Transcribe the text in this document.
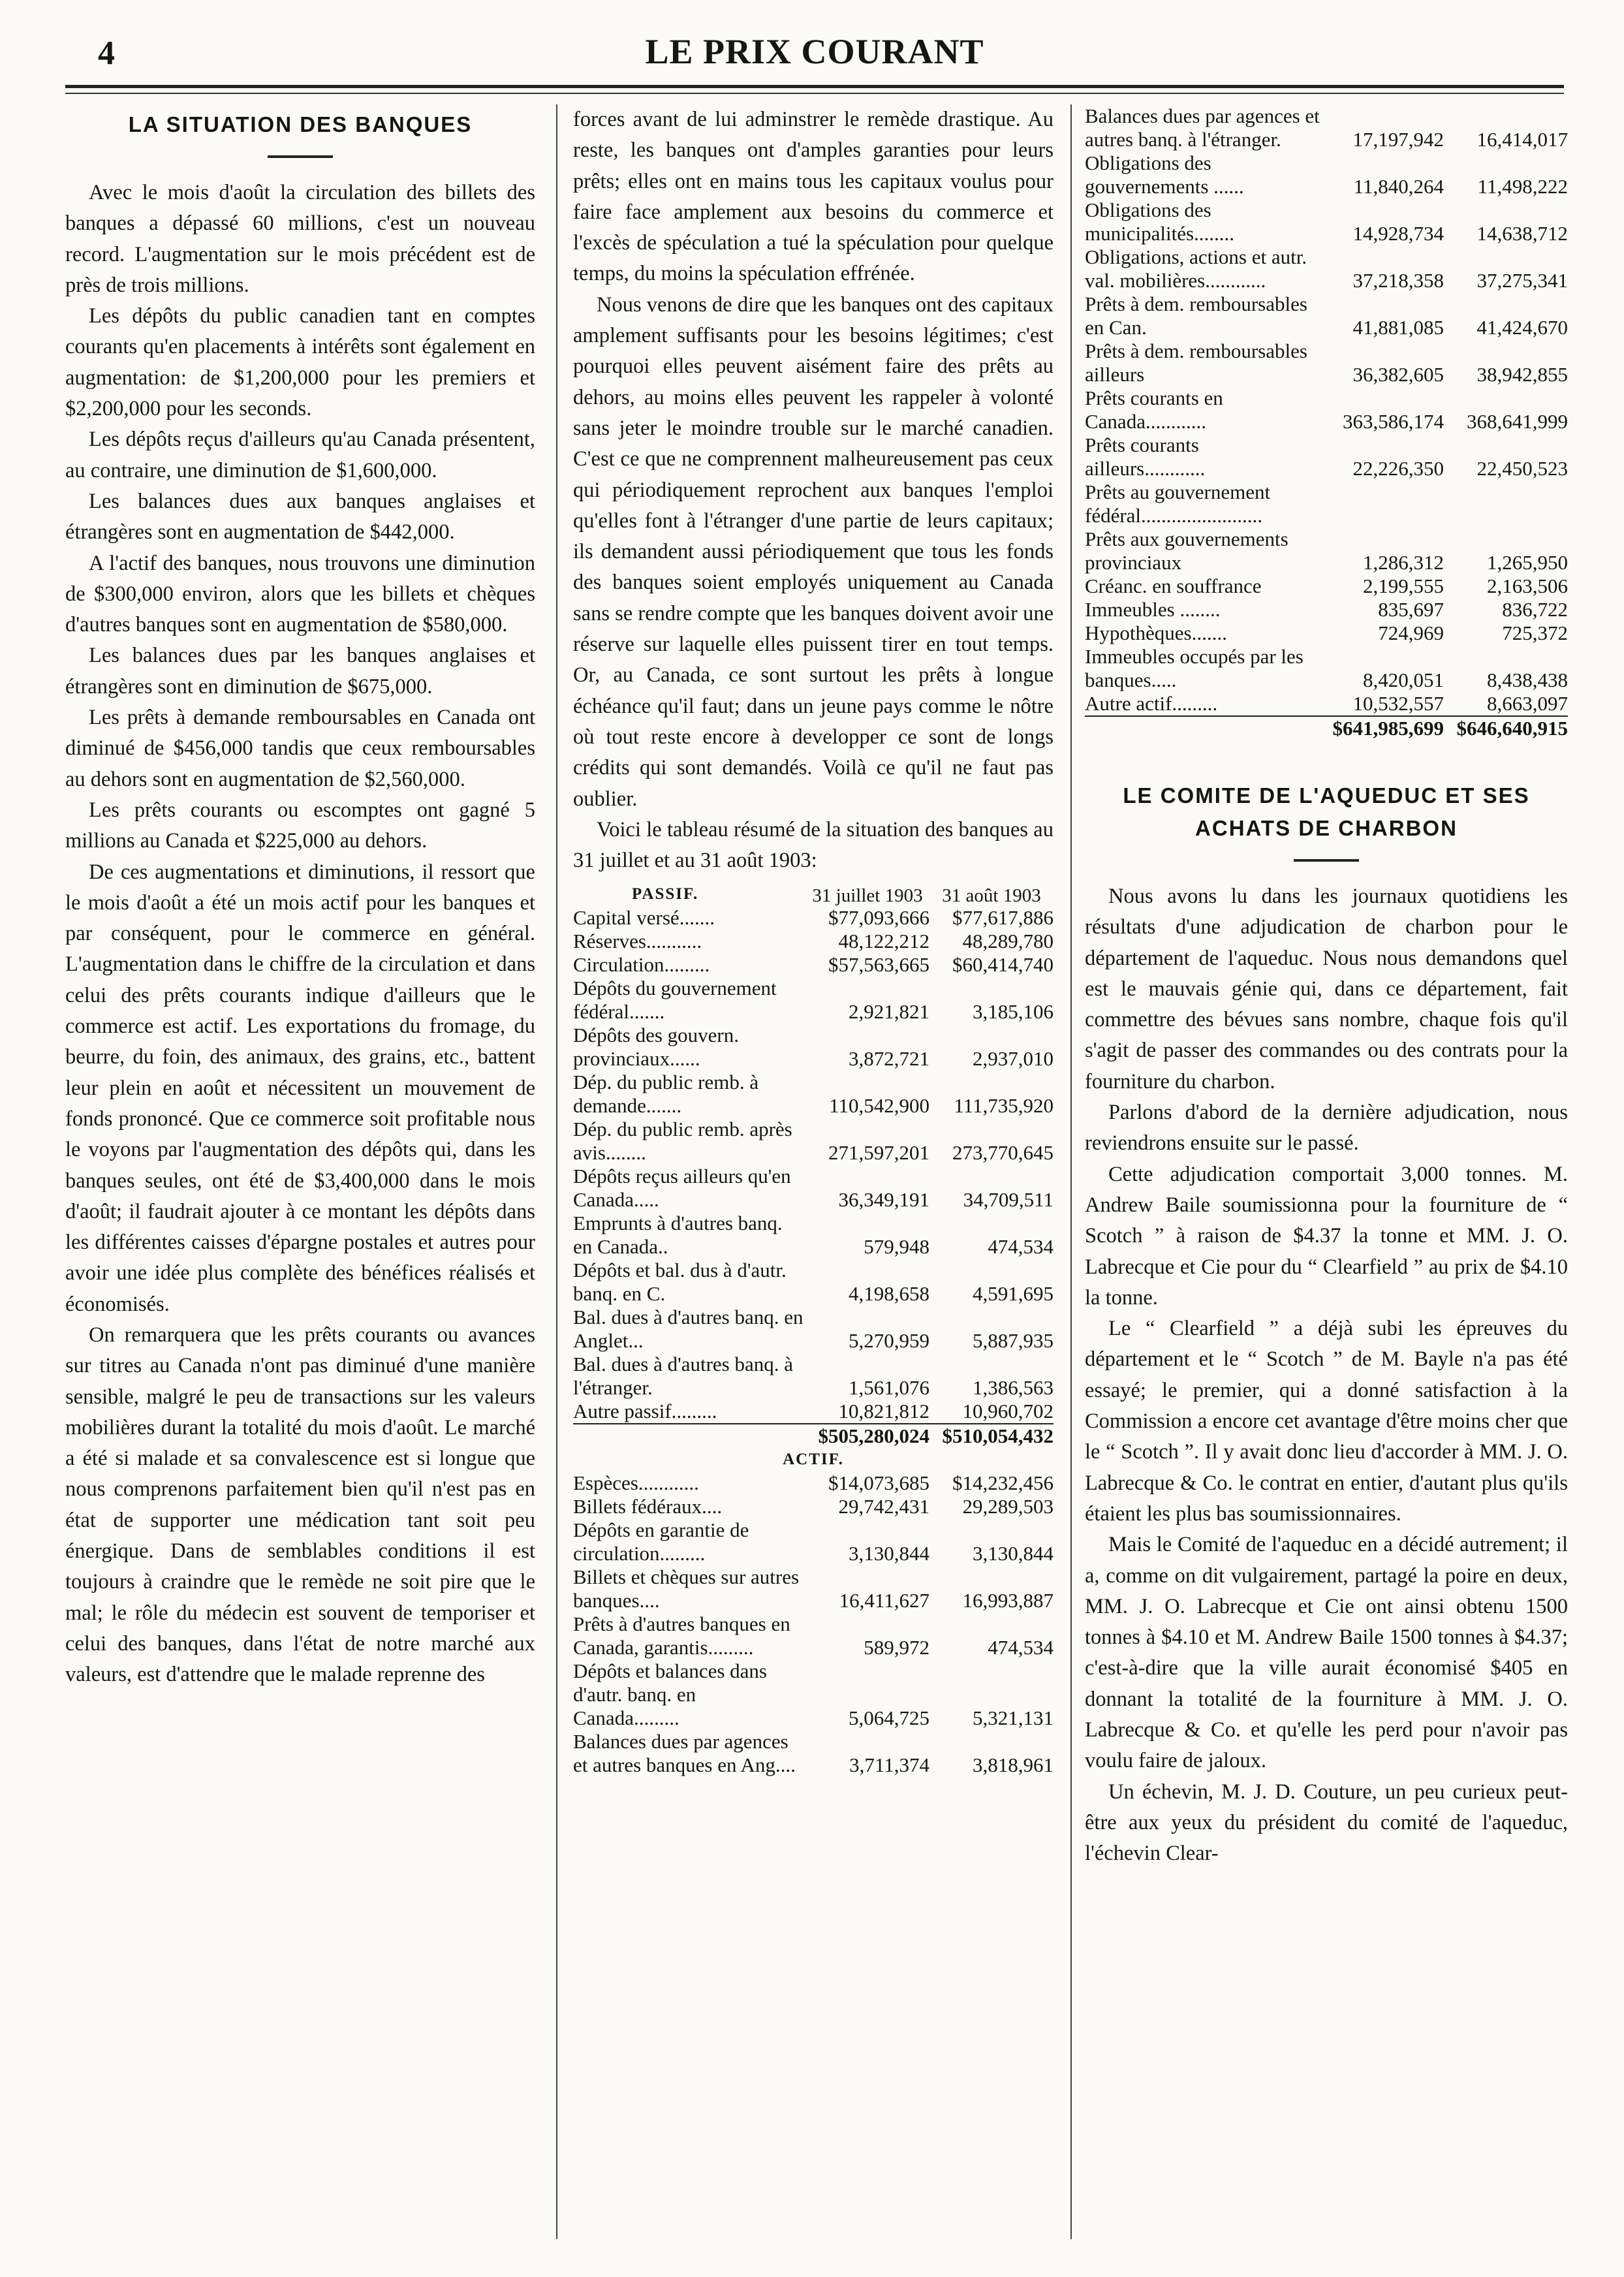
4	LE PRIX COURANT
LA SITUATION DES BANQUES

Avec le mois d'août la circulation des billets des banques a dépassé 60 millions, c'est un nouveau record. L'augmentation sur le mois précédent est de près de trois millions.

Les dépôts du public canadien tant en comptes courants qu'en placements à intérêts sont également en augmentation: de $1,200,000 pour les premiers et $2,200,000 pour les seconds.

Les dépôts reçus d'ailleurs qu'au Canada présentent, au contraire, une diminution de $1,600,000.

Les balances dues aux banques anglaises et étrangères sont en augmentation de $442,000.

A l'actif des banques, nous trouvons une diminution de $300,000 environ, alors que les billets et chèques d'autres banques sont en augmentation de $580,000.

Les balances dues par les banques anglaises et étrangères sont en diminution de $675,000.

Les prêts à demande remboursables en Canada ont diminué de $456,000 tandis que ceux remboursables au dehors sont en augmentation de $2,560,000.

Les prêts courants ou escomptes ont gagné 5 millions au Canada et $225,000 au dehors.

De ces augmentations et diminutions, il ressort que le mois d'août a été un mois actif pour les banques et par conséquent, pour le commerce en général. L'augmentation dans le chiffre de la circulation et dans celui des prêts courants indique d'ailleurs que le commerce est actif. Les exportations du fromage, du beurre, du foin, des animaux, des grains, etc., battent leur plein en août et nécessitent un mouvement de fonds prononcé. Que ce commerce soit profitable nous le voyons par l'augmentation des dépôts qui, dans les banques seules, ont été de $3,400,000 dans le mois d'août; il faudrait ajouter à ce montant les dépôts dans les différentes caisses d'épargne postales et autres pour avoir une idée plus complète des bénéfices réalisés et économisés.

On remarquera que les prêts courants ou avances sur titres au Canada n'ont pas diminué d'une manière sensible, malgré le peu de transactions sur les valeurs mobilières durant la totalité du mois d'août. Le marché a été si malade et sa convalescence est si longue que nous comprenons parfaitement bien qu'il n'est pas en état de supporter une médication tant soit peu énergique. Dans de semblables conditions il est toujours à craindre que le remède ne soit pire que le mal; le rôle du médecin est souvent de temporiser et celui des banques, dans l'état de notre marché aux valeurs, est d'attendre que le malade reprenne des

forces avant de lui adminstrer le remède drastique. Au reste, les banques ont d'amples garanties pour leurs prêts; elles ont en mains tous les capitaux voulus pour faire face amplement aux besoins du commerce et l'excès de spéculation a tué la spéculation pour quelque temps, du moins la spéculation effrénée.

Nous venons de dire que les banques ont des capitaux amplement suffisants pour les besoins légitimes; c'est pourquoi elles peuvent aisément faire des prêts au dehors, au moins elles peuvent les rappeler à volonté sans jeter le moindre trouble sur le marché canadien. C'est ce que ne comprennent malheureusement pas ceux qui périodiquement reprochent aux banques l'emploi qu'elles font à l'étranger d'une partie de leurs capitaux; ils demandent aussi périodiquement que tous les fonds des banques soient employés uniquement au Canada sans se rendre compte que les banques doivent avoir une réserve sur laquelle elles puissent tirer en tout temps. Or, au Canada, ce sont surtout les prêts à longue échéance qu'il faut; dans un jeune pays comme le nôtre où tout reste encore à developper ce sont de longs crédits qui sont demandés. Voilà ce qu'il ne faut pas oublier.

Voici le tableau résumé de la situation des banques au 31 juillet et au 31 août 1903:

PASSIF.	31 juillet 1903	31 août 1903
Capital versé.......	$77,093,666	$77,617,886
Réserves...........	48,122,212	48,289,780
Circulation.........	$57,563,665	$60,414,740
Dépôts du gouvernement fédéral.......	2,921,821	3,185,106
Dépôts des gouvern. provinciaux......	3,872,721	2,937,010
Dép. du public remb. à demande.......	110,542,900	111,735,920
Dép. du public remb. après avis........	271,597,201	273,770,645
Dépôts reçus ailleurs qu'en Canada.....	36,349,191	34,709,511
Emprunts à d'autres banq. en Canada..	579,948	474,534
Dépôts et bal. dus à d'autr. banq. en C.	4,198,658	4,591,695
Bal. dues à d'autres banq. en Anglet...	5,270,959	5,887,935
Bal. dues à d'autres banq. à l'étranger.	1,561,076	1,386,563
Autre passif.........	10,821,812	10,960,702

	$505,280,024	$510,054,432
ACTIF.		
Espèces............	$14,073,685	$14,232,456
Billets fédéraux....	29,742,431	29,289,503
Dépôts en garantie de circulation.........	3,130,844	3,130,844
Billets et chèques sur autres banques....	16,411,627	16,993,887
Prêts à d'autres banques en Canada, garantis.........	589,972	474,534
Dépôts et balances dans d'autr. banq. en Canada.........	5,064,725	5,321,131
Balances dues par agences et autres banques en Ang....	3,711,374	3,818,961
Balances dues par agences et autres banq. à l'étranger.	17,197,942	16,414,017
Obligations des gouvernements ......	11,840,264	11,498,222
Obligations des municipalités........	14,928,734	14,638,712
Obligations, actions et autr. val. mobilières............	37,218,358	37,275,341
Prêts à dem. remboursables en Can.	41,881,085	41,424,670
Prêts à dem. remboursables ailleurs	36,382,605	38,942,855
Prêts courants en Canada............	363,586,174	368,641,999
Prêts courants ailleurs............	22,226,350	22,450,523
Prêts au gouvernement fédéral........................		
Prêts aux gouvernements provinciaux	1,286,312	1,265,950
Créanc. en souffrance	2,199,555	2,163,506
Immeubles ........	835,697	836,722
Hypothèques.......	724,969	725,372
Immeubles occupés par les banques.....	8,420,051	8,438,438
Autre actif.........	10,532,557	8,663,097

	$641,985,699	$646,640,915
LE COMITE DE L'AQUEDUC ET SES ACHATS DE CHARBON

Nous avons lu dans les journaux quotidiens les résultats d'une adjudication de charbon pour le département de l'aqueduc. Nous nous demandons quel est le mauvais génie qui, dans ce département, fait commettre des bévues sans nombre, chaque fois qu'il s'agit de passer des commandes ou des contrats pour la fourniture du charbon.

Parlons d'abord de la dernière adjudication, nous reviendrons ensuite sur le passé.

Cette adjudication comportait 3,000 tonnes. M. Andrew Baile soumissionna pour la fourniture de “ Scotch ” à raison de $4.37 la tonne et MM. J. O. Labrecque et Cie pour du “ Clearfield ” au prix de $4.10 la tonne.

Le “ Clearfield ” a déjà subi les épreuves du département et le “ Scotch ” de M. Bayle n'a pas été essayé; le premier, qui a donné satisfaction à la Commission a encore cet avantage d'être moins cher que le “ Scotch ”. Il y avait donc lieu d'accorder à MM. J. O. Labrecque & Co. le contrat en entier, d'autant plus qu'ils étaient les plus bas soumissionnaires.

Mais le Comité de l'aqueduc en a décidé autrement; il a, comme on dit vulgairement, partagé la poire en deux, MM. J. O. Labrecque et Cie ont ainsi obtenu 1500 tonnes à $4.10 et M. Andrew Baile 1500 tonnes à $4.37; c'est-à-dire que la ville aurait économisé $405 en donnant la totalité de la fourniture à MM. J. O. Labrecque & Co. et qu'elle les perd pour n'avoir pas voulu faire de jaloux.

Un échevin, M. J. D. Couture, un peu curieux peut-être aux yeux du président du comité de l'aqueduc, l'échevin Clear-
